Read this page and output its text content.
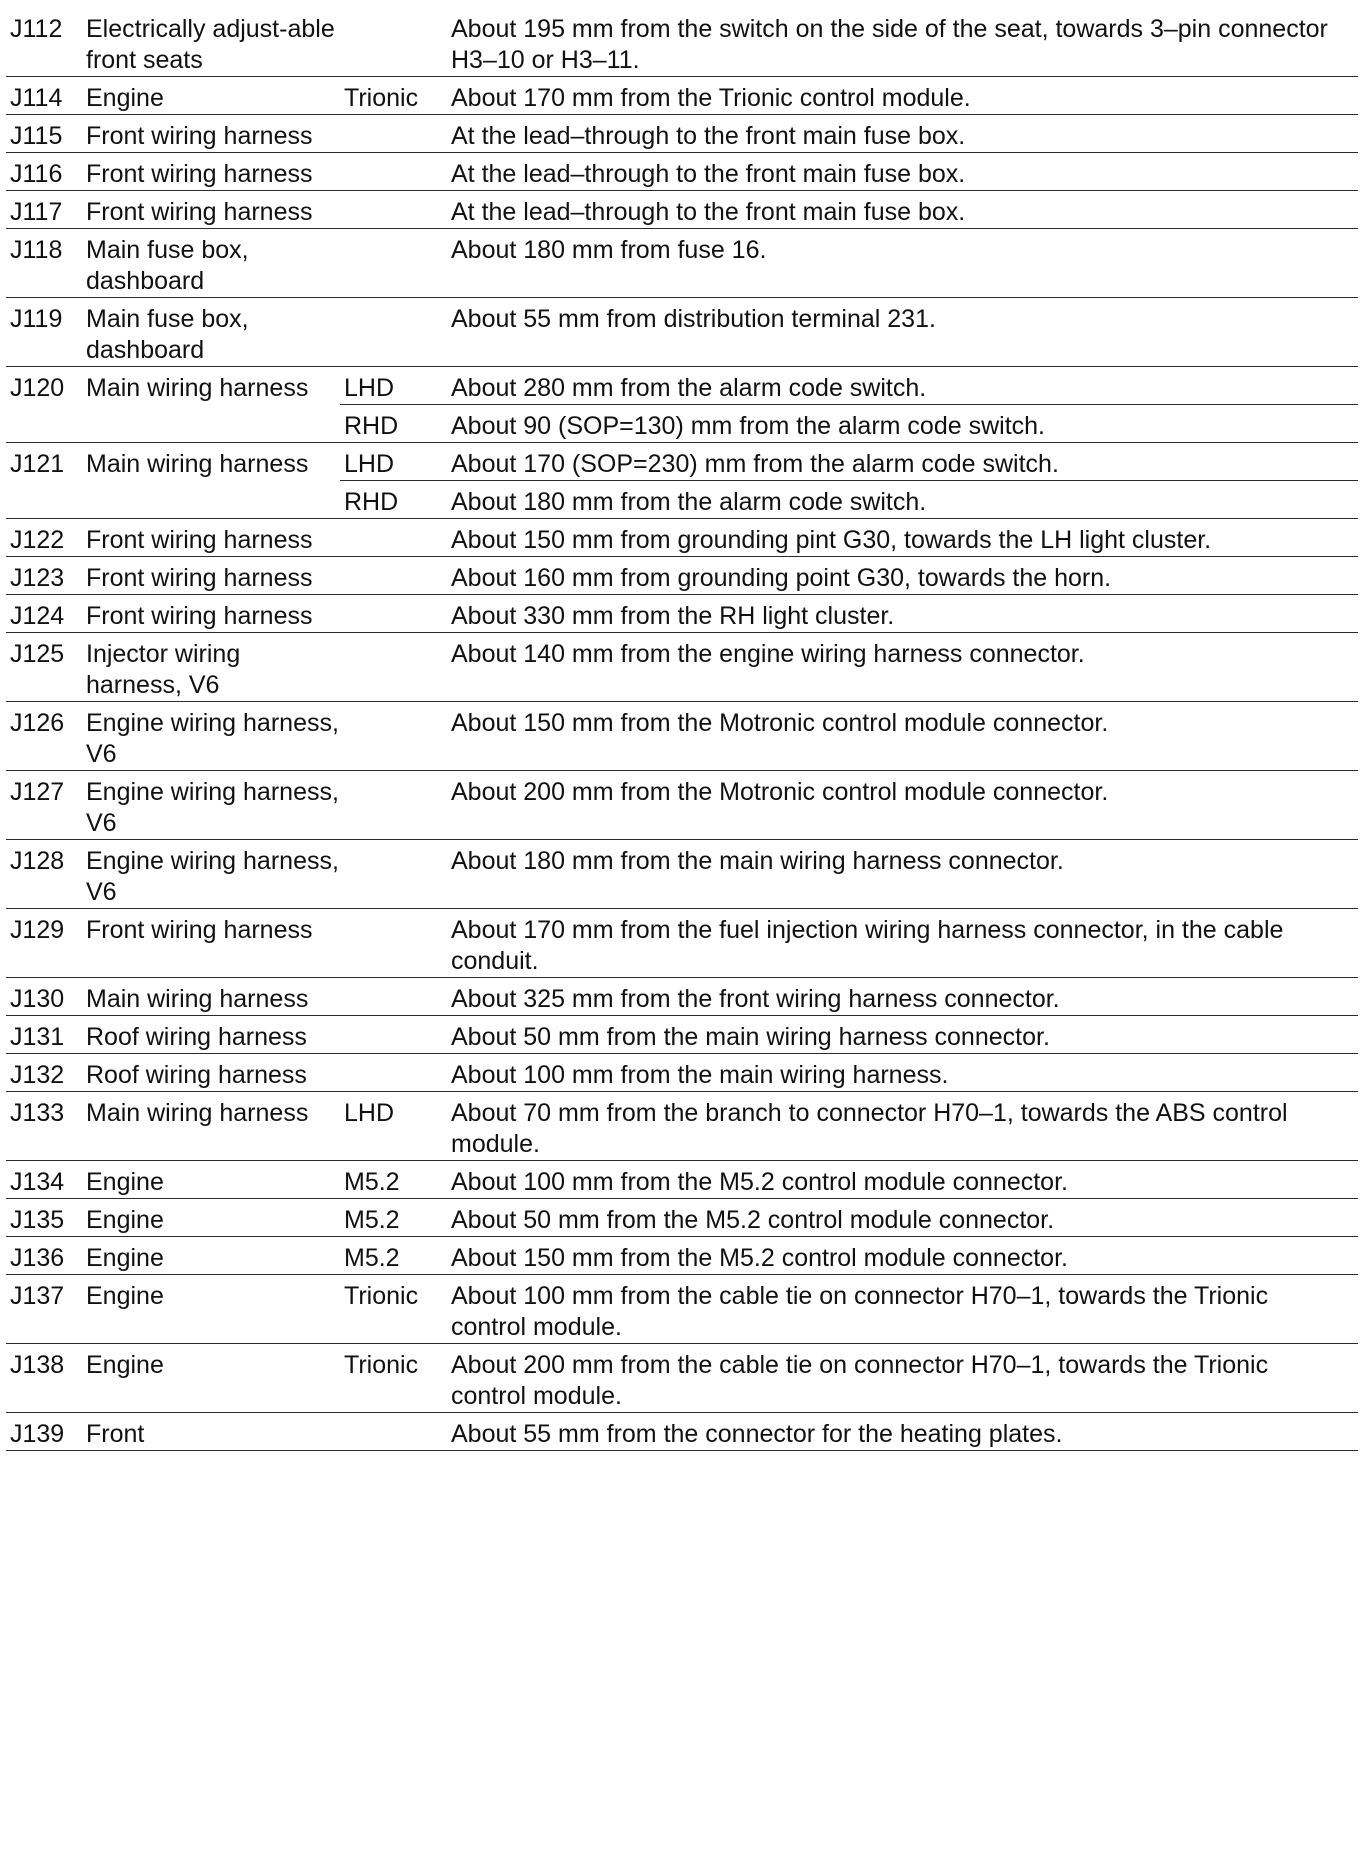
J112	Electrically adjust-able front seats		About 195 mm from the switch on the side of the seat, towards 3–pin connector H3–10 or H3–11.
J114	Engine	Trionic	About 170 mm from the Trionic control module.
J115	Front wiring harness		At the lead–through to the front main fuse box.
J116	Front wiring harness		At the lead–through to the front main fuse box.
J117	Front wiring harness		At the lead–through to the front main fuse box.
J118	Main fuse box, dashboard		About 180 mm from fuse 16.
J119	Main fuse box, dashboard		About 55 mm from distribution terminal 231.
J120	Main wiring harness	LHD	About 280 mm from the alarm code switch.
		RHD	About 90 (SOP=130) mm from the alarm code switch.
J121	Main wiring harness	LHD	About 170 (SOP=230) mm from the alarm code switch.
		RHD	About 180 mm from the alarm code switch.
J122	Front wiring harness		About 150 mm from grounding pint G30, towards the LH light cluster.
J123	Front wiring harness		About 160 mm from grounding point G30, towards the horn.
J124	Front wiring harness		About 330 mm from the RH light cluster.
J125	Injector wiring harness, V6		About 140 mm from the engine wiring harness connector.
J126	Engine wiring harness, V6		About 150 mm from the Motronic control module connector.
J127	Engine wiring harness, V6		About 200 mm from the Motronic control module connector.
J128	Engine wiring harness, V6		About 180 mm from the main wiring harness connector.
J129	Front wiring harness		About 170 mm from the fuel injection wiring harness connector, in the cable conduit.
J130	Main wiring harness		About 325 mm from the front wiring harness connector.
J131	Roof wiring harness		About 50 mm from the main wiring harness connector.
J132	Roof wiring harness		About 100 mm from the main wiring harness.
J133	Main wiring harness	LHD	About 70 mm from the branch to connector H70–1, towards the ABS control module.
J134	Engine	M5.2	About 100 mm from the M5.2 control module connector.
J135	Engine	M5.2	About 50 mm from the M5.2 control module connector.
J136	Engine	M5.2	About 150 mm from the M5.2 control module connector.
J137	Engine	Trionic	About 100 mm from the cable tie on connector H70–1, towards the Trionic control module.
J138	Engine	Trionic	About 200 mm from the cable tie on connector H70–1, towards the Trionic control module.
J139	Front		About 55 mm from the connector for the heating plates.
